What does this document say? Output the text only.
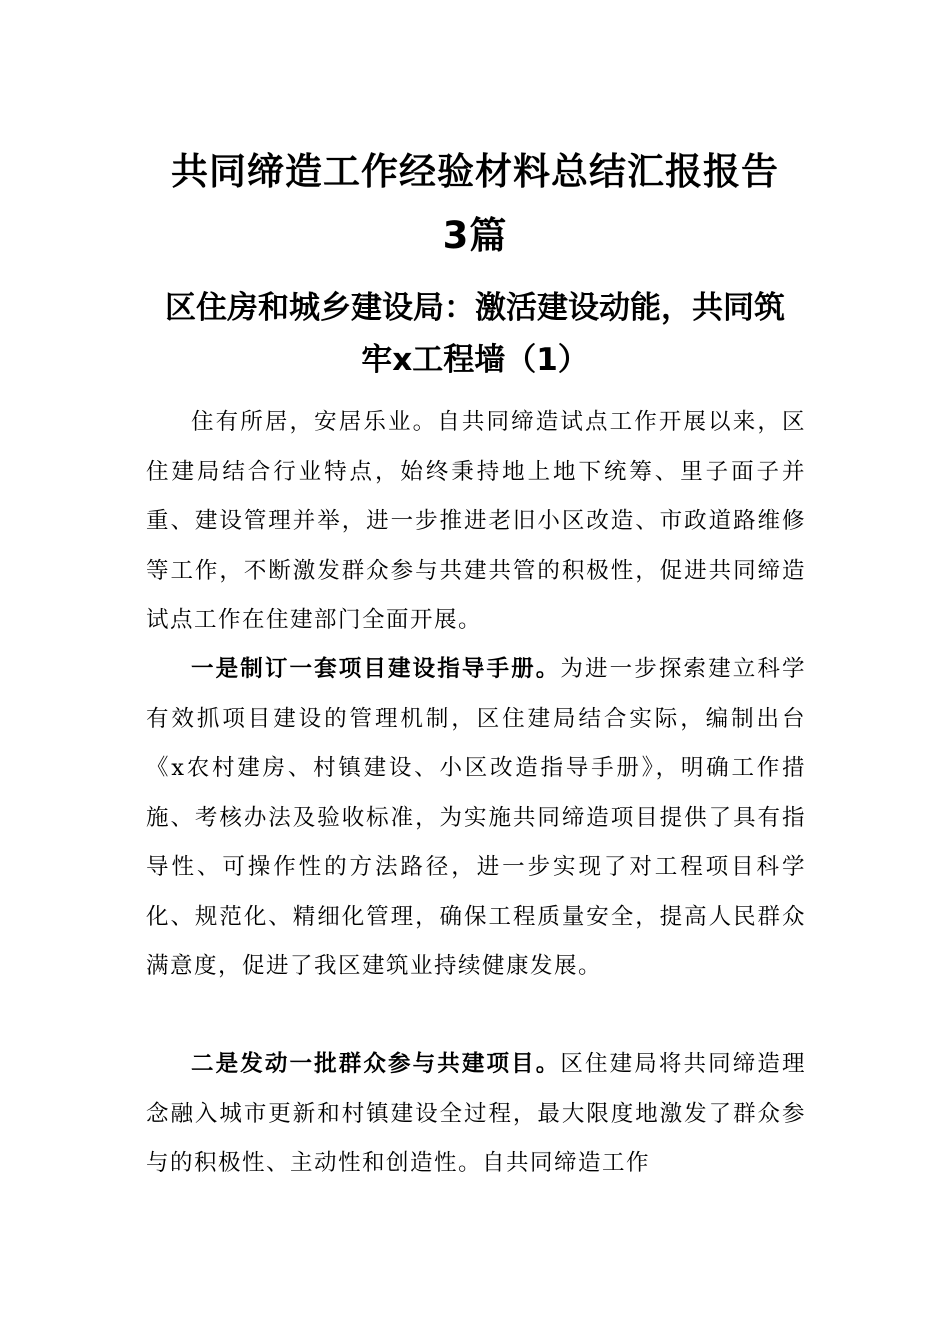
共同缔造工作经验材料总结汇报报告
3篇
区住房和城乡建设局：激活建设动能，共同筑
牢x工程墙（1）

住有所居，安居乐业。自共同缔造试点工作开展以来，区住建局结合行业特点，始终秉持地上地下统筹、里子面子并重、建设管理并举，进一步推进老旧小区改造、市政道路维修等工作，不断激发群众参与共建共管的积极性，促进共同缔造试点工作在住建部门全面开展。

一是制订一套项目建设指导手册。为进一步探索建立科学有效抓项目建设的管理机制，区住建局结合实际，编制出台《x农村建房、村镇建设、小区改造指导手册》，明确工作措施、考核办法及验收标准，为实施共同缔造项目提供了具有指导性、可操作性的方法路径，进一步实现了对工程项目科学化、规范化、精细化管理，确保工程质量安全，提高人民群众满意度，促进了我区建筑业持续健康发展。

二是发动一批群众参与共建项目。区住建局将共同缔造理念融入城市更新和村镇建设全过程，最大限度地激发了群众参与的积极性、主动性和创造性。自共同缔造工作
